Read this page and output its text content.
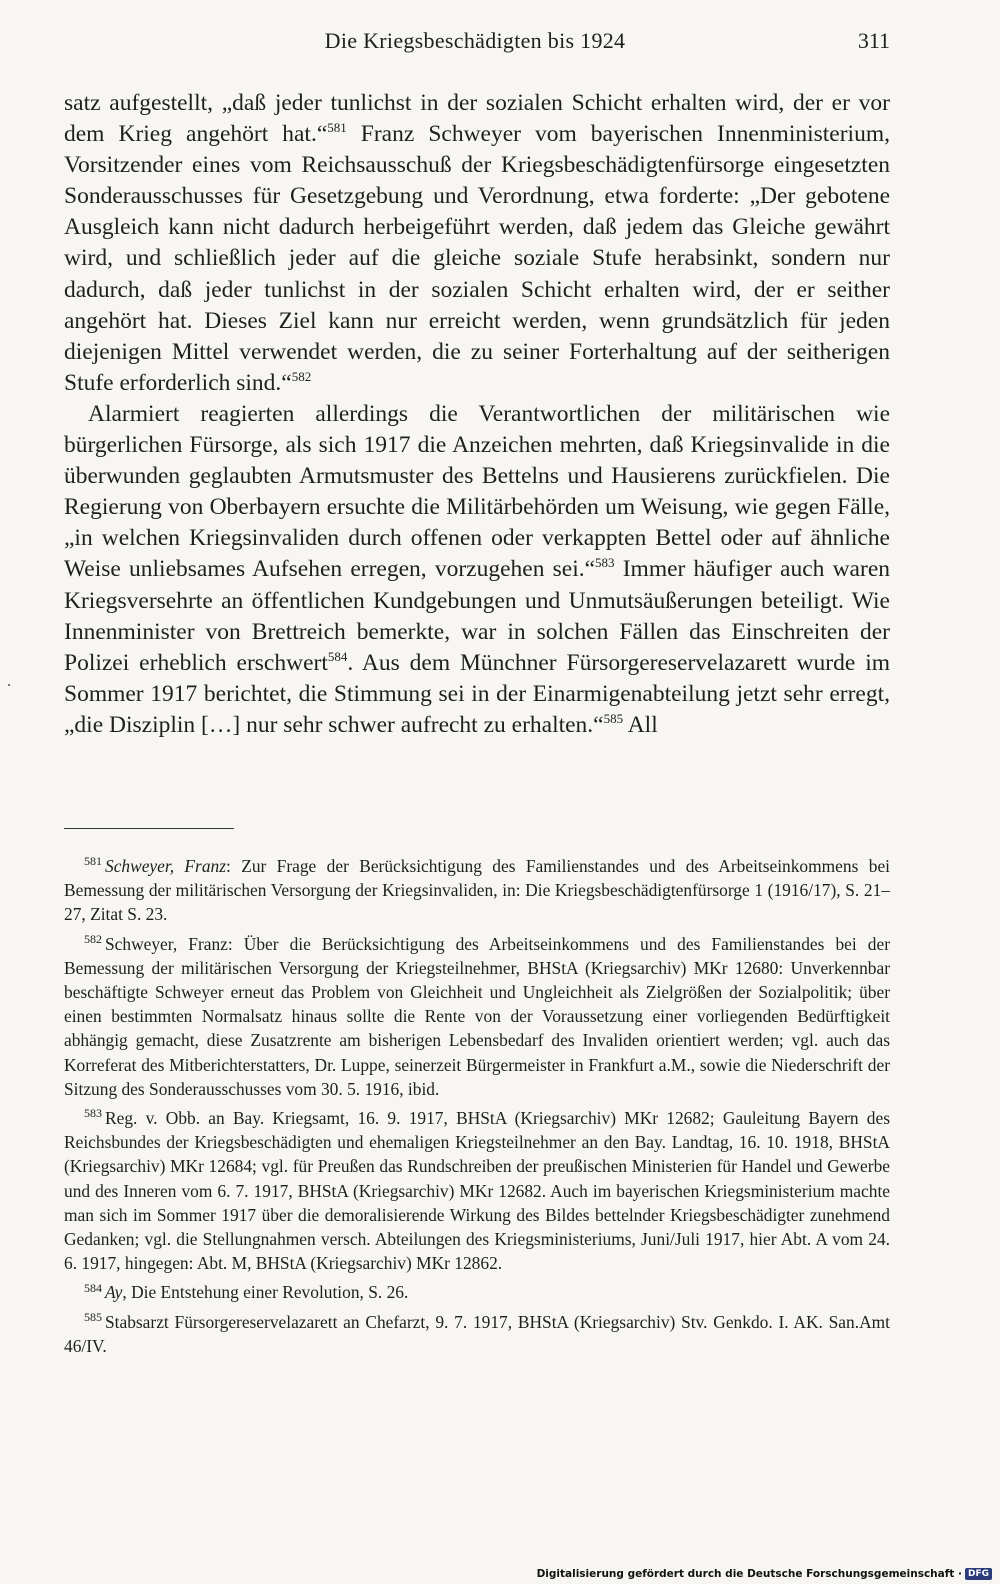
Die Kriegsbeschädigten bis 1924	311

satz aufgestellt, „daß jeder tunlichst in der sozialen Schicht erhalten wird, der er vor dem Krieg angehört hat.“$^{581}$ Franz Schweyer vom bayerischen Innenministerium, Vorsitzender eines vom Reichsausschuß der Kriegsbeschädigtenfürsorge eingesetzten Sonderausschusses für Gesetzgebung und Verordnung, etwa forderte: „Der gebotene Ausgleich kann nicht dadurch herbeigeführt werden, daß jedem das Gleiche gewährt wird, und schließlich jeder auf die gleiche soziale Stufe herabsinkt, sondern nur dadurch, daß jeder tunlichst in der sozialen Schicht erhalten wird, der er seither angehört hat. Dieses Ziel kann nur erreicht werden, wenn grundsätzlich für jeden diejenigen Mittel verwendet werden, die zu seiner Forterhaltung auf der seitherigen Stufe erforderlich sind.“$^{582}$

Alarmiert reagierten allerdings die Verantwortlichen der militärischen wie bürgerlichen Fürsorge, als sich 1917 die Anzeichen mehrten, daß Kriegsinvalide in die überwunden geglaubten Armutsmuster des Bettelns und Hausierens zurückfielen. Die Regierung von Oberbayern ersuchte die Militärbehörden um Weisung, wie gegen Fälle, „in welchen Kriegsinvaliden durch offenen oder verkappten Bettel oder auf ähnliche Weise unliebsames Aufsehen erregen, vorzugehen sei.“$^{583}$ Immer häufiger auch waren Kriegsversehrte an öffentlichen Kundgebungen und Unmutsäußerungen beteiligt. Wie Innenminister von Brettreich bemerkte, war in solchen Fällen das Einschreiten der Polizei erheblich erschwert$^{584}$. Aus dem Münchner Fürsorgereservelazarett wurde im Sommer 1917 berichtet, die Stimmung sei in der Einarmigenabteilung jetzt sehr erregt, „die Disziplin […] nur sehr schwer aufrecht zu erhalten.“$^{585}$ All

$^{581}$ Schweyer, Franz: Zur Frage der Berücksichtigung des Familienstandes und des Arbeitseinkommens bei Bemessung der militärischen Versorgung der Kriegsinvaliden, in: Die Kriegsbeschädigtenfürsorge 1 (1916/17), S. 21–27, Zitat S. 23.

$^{582}$ Schweyer, Franz: Über die Berücksichtigung des Arbeitseinkommens und des Familienstandes bei der Bemessung der militärischen Versorgung der Kriegsteilnehmer, BHStA (Kriegsarchiv) MKr 12680: Unverkennbar beschäftigte Schweyer erneut das Problem von Gleichheit und Ungleichheit als Zielgrößen der Sozialpolitik; über einen bestimmten Normalsatz hinaus sollte die Rente von der Voraussetzung einer vorliegenden Bedürftigkeit abhängig gemacht, diese Zusatzrente am bisherigen Lebensbedarf des Invaliden orientiert werden; vgl. auch das Korreferat des Mitberichterstatters, Dr. Luppe, seinerzeit Bürgermeister in Frankfurt a.M., sowie die Niederschrift der Sitzung des Sonderausschusses vom 30. 5. 1916, ibid.

$^{583}$ Reg. v. Obb. an Bay. Kriegsamt, 16. 9. 1917, BHStA (Kriegsarchiv) MKr 12682; Gauleitung Bayern des Reichsbundes der Kriegsbeschädigten und ehemaligen Kriegsteilnehmer an den Bay. Landtag, 16. 10. 1918, BHStA (Kriegsarchiv) MKr 12684; vgl. für Preußen das Rundschreiben der preußischen Ministerien für Handel und Gewerbe und des Inneren vom 6. 7. 1917, BHStA (Kriegsarchiv) MKr 12682. Auch im bayerischen Kriegsministerium machte man sich im Sommer 1917 über die demoralisierende Wirkung des Bildes bettelnder Kriegsbeschädigter zunehmend Gedanken; vgl. die Stellungnahmen versch. Abteilungen des Kriegsministeriums, Juni/Juli 1917, hier Abt. A vom 24. 6. 1917, hingegen: Abt. M, BHStA (Kriegsarchiv) MKr 12862.

$^{584}$ Ay, Die Entstehung einer Revolution, S. 26.

$^{585}$ Stabsarzt Fürsorgereservelazarett an Chefarzt, 9. 7. 1917, BHStA (Kriegsarchiv) Stv. Genkdo. I. AK. San.Amt 46/IV.

Digitalisierung gefördert durch die Deutsche Forschungsgemeinschaft · DFG
